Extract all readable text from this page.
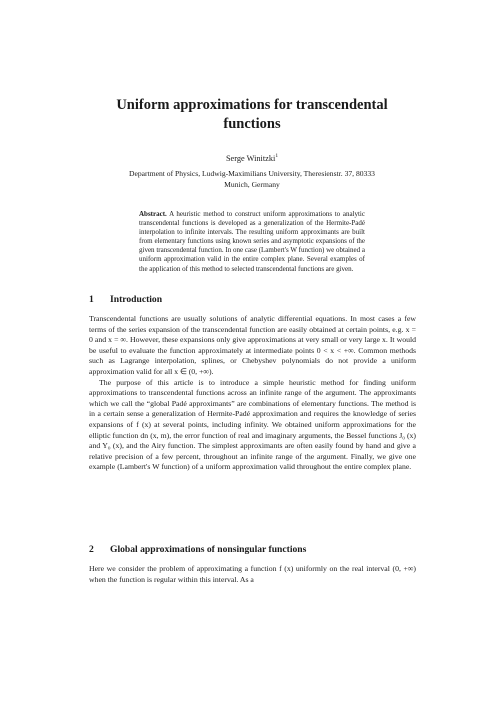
Uniform approximations for transcendental
functions
Serge Winitzki$^1$
Department of Physics, Ludwig-Maximilians University, Theresienstr. 37, 80333
Munich, Germany
Abstract. A heuristic method to construct uniform approximations to analytic transcendental functions is developed as a generalization of the Hermite-Padé interpolation to infinite intervals. The resulting uniform approximants are built from elementary functions using known series and asymptotic expansions of the given transcendental function. In one case (Lambert's W function) we obtained a uniform approximation valid in the entire complex plane. Several examples of the application of this method to selected transcendental functions are given.
1 Introduction

Transcendental functions are usually solutions of analytic differential equations. In most cases a few terms of the series expansion of the transcendental function are easily obtained at certain points, e.g. x = 0 and x = ∞. However, these expansions only give approximations at very small or very large x. It would be useful to evaluate the function approximately at intermediate points 0 < x < +∞. Common methods such as Lagrange interpolation, splines, or Chebyshev polynomials do not provide a uniform approximation valid for all x ∈ (0, +∞).

The purpose of this article is to introduce a simple heuristic method for finding uniform approximations to transcendental functions across an infinite range of the argument. The approximants which we call the “global Padé approximants” are combinations of elementary functions. The method is in a certain sense a generalization of Hermite-Padé approximation and requires the knowledge of series expansions of f (x) at several points, including infinity. We obtained uniform approximations for the elliptic function dn (x, m), the error function of real and imaginary arguments, the Bessel functions J₀ (x) and Y₀ (x), and the Airy function. The simplest approximants are often easily found by hand and give a relative precision of a few percent, throughout an infinite range of the argument. Finally, we give one example (Lambert's W function) of a uniform approximation valid throughout the entire complex plane.

2 Global approximations of nonsingular functions

Here we consider the problem of approximating a function f (x) uniformly on the real interval (0, +∞) when the function is regular within this interval. As a
